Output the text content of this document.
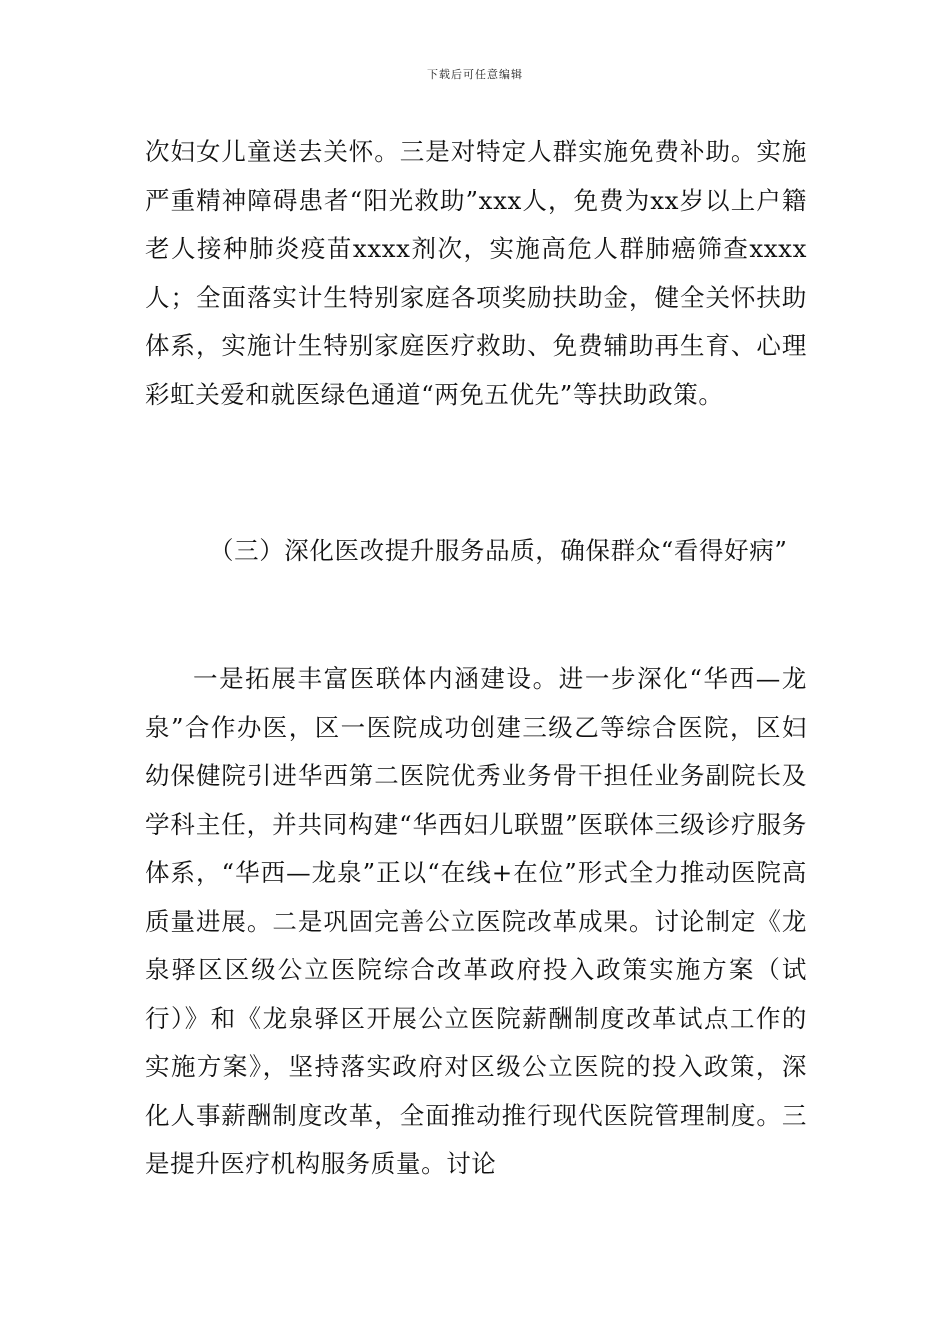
下载后可任意编辑

次妇女儿童送去关怀。三是对特定人群实施免费补助。实施严重精神障碍患者“阳光救助”xxx人，免费为xx岁以上户籍老人接种肺炎疫苗xxxx剂次，实施高危人群肺癌筛查xxxx人；全面落实计生特别家庭各项奖励扶助金，健全关怀扶助体系，实施计生特别家庭医疗救助、免费辅助再生育、心理彩虹关爱和就医绿色通道“两免五优先”等扶助政策。

（三）深化医改提升服务品质，确保群众“看得好病”

一是拓展丰富医联体内涵建设。进一步深化“华西—龙泉”合作办医，区一医院成功创建三级乙等综合医院，区妇幼保健院引进华西第二医院优秀业务骨干担任业务副院长及学科主任，并共同构建“华西妇儿联盟”医联体三级诊疗服务体系，“华西—龙泉”正以“在线+在位”形式全力推动医院高质量进展。二是巩固完善公立医院改革成果。讨论制定《龙泉驿区区级公立医院综合改革政府投入政策实施方案（试行）》和《龙泉驿区开展公立医院薪酬制度改革试点工作的实施方案》，坚持落实政府对区级公立医院的投入政策，深化人事薪酬制度改革，全面推动推行现代医院管理制度。三是提升医疗机构服务质量。讨论
